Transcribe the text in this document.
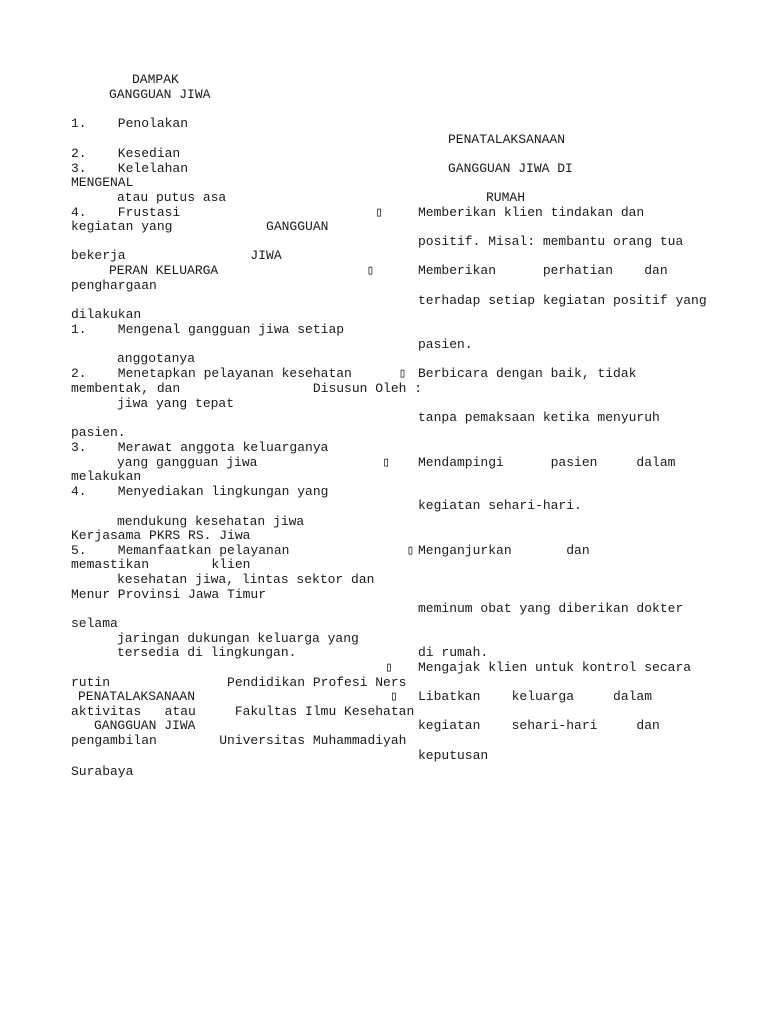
DAMPAK
GANGGUAN JIWA
1.    Penolakan
2.    Kesedian
3.    Kelelahan
MENGENAL
atau putus asa
4.    Frustasi                         ▯
kegiatan yang            GANGGUAN
bekerja                JIWA
PERAN KELUARGA                   ▯
penghargaan
dilakukan
1.    Mengenal gangguan jiwa setiap
anggotanya
2.    Menetapkan pelayanan kesehatan      ▯
membentak, dan                 Disusun Oleh :
jiwa yang tepat
pasien.
3.    Merawat anggota keluarganya
yang gangguan jiwa                ▯
melakukan
4.    Menyediakan lingkungan yang
mendukung kesehatan jiwa
Kerjasama PKRS RS. Jiwa
5.    Memanfaatkan pelayanan               ▯
memastikan        klien
kesehatan jiwa, lintas sektor dan
Menur Provinsi Jawa Timur
selama
jaringan dukungan keluarga yang
tersedia di lingkungan.
▯
rutin               Pendidikan Profesi Ners
PENATALAKSANAAN                         ▯
aktivitas   atau     Fakultas Ilmu Kesehatan
GANGGUAN JIWA
pengambilan        Universitas Muhammadiyah
Surabaya
PENATALAKSANAAN
GANGGUAN JIWA DI
RUMAH
Memberikan klien tindakan dan
positif. Misal: membantu orang tua
Memberikan      perhatian    dan
terhadap setiap kegiatan positif yang
pasien.
Berbicara dengan baik, tidak
tanpa pemaksaan ketika menyuruh
Mendampingi      pasien     dalam
kegiatan sehari-hari.
Menganjurkan       dan
meminum obat yang diberikan dokter
di rumah.
Mengajak klien untuk kontrol secara
Libatkan    keluarga     dalam
kegiatan    sehari-hari     dan
keputusan
